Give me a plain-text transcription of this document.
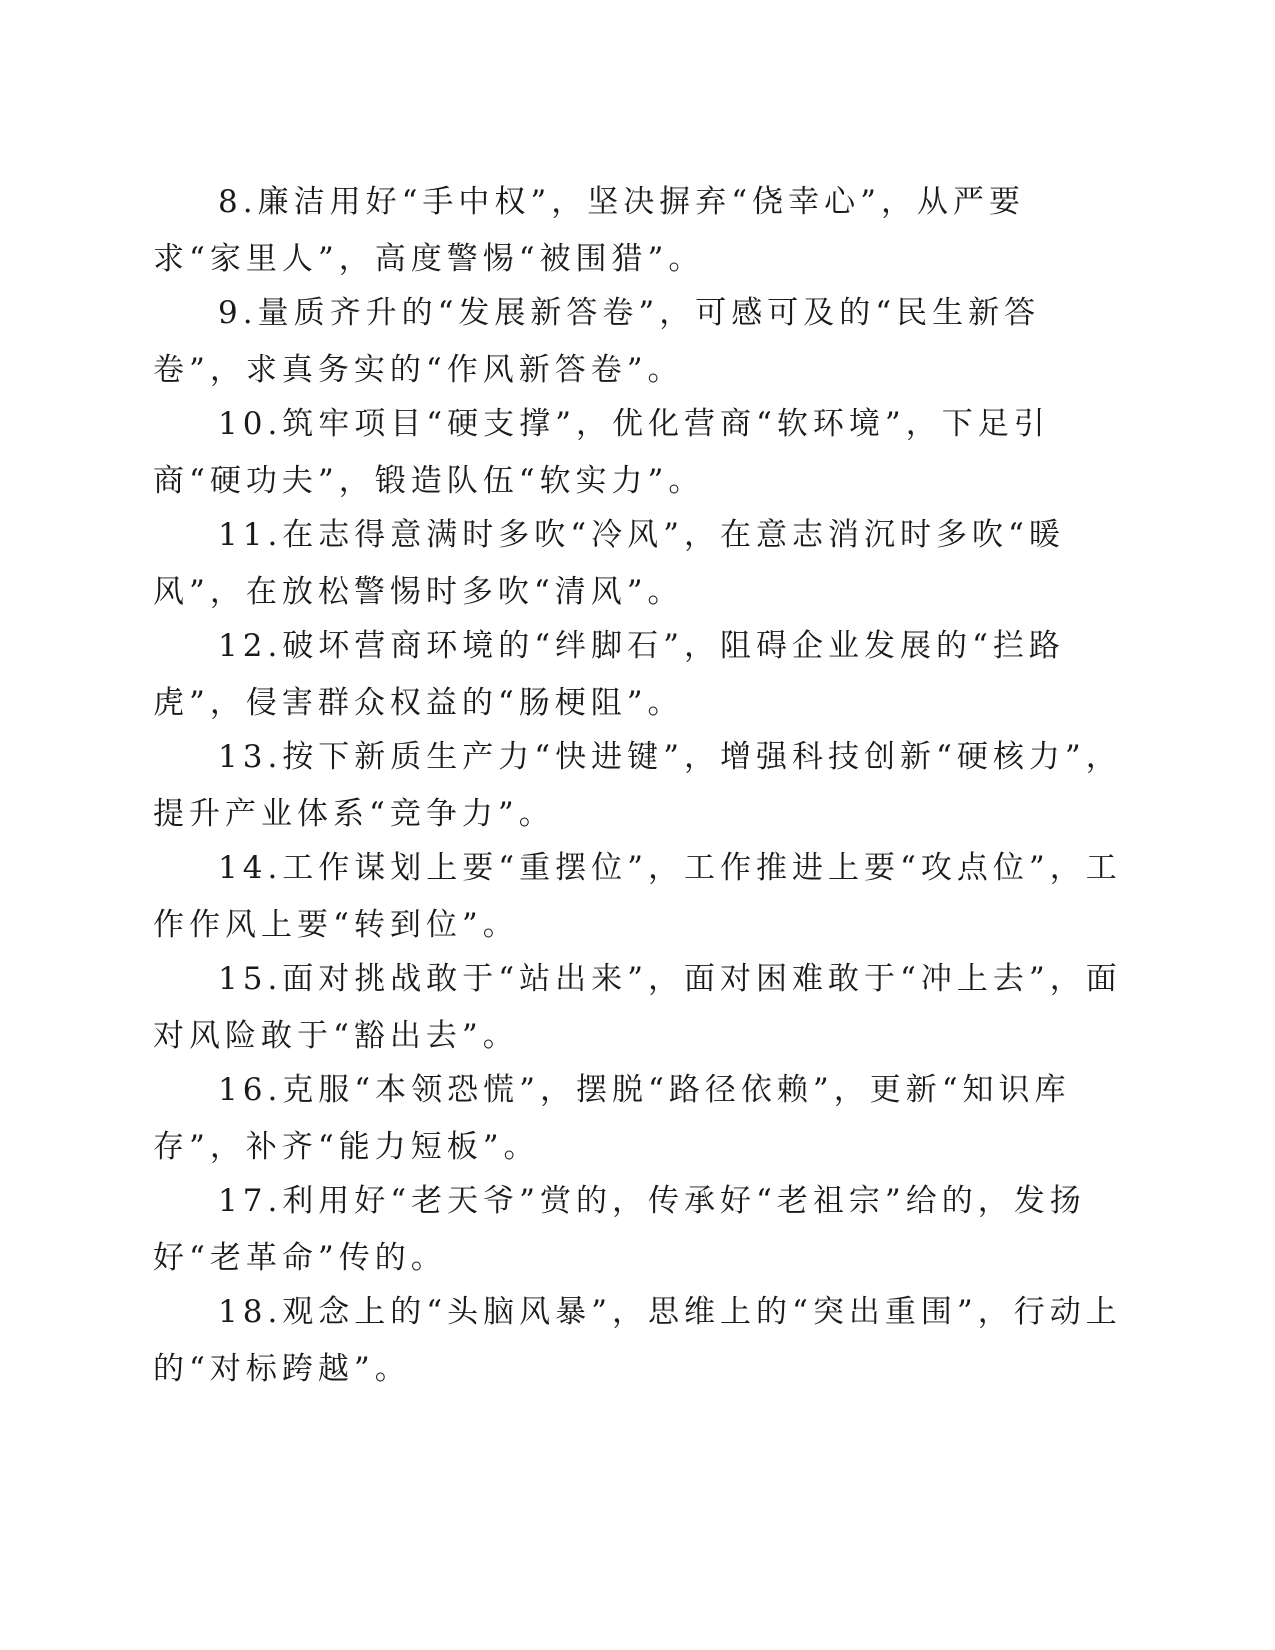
8.廉洁用好“手中权”，坚决摒弃“侥幸心”，从严要
求“家里人”，高度警惕“被围猎”。
9.量质齐升的“发展新答卷”，可感可及的“民生新答
卷”，求真务实的“作风新答卷”。
10.筑牢项目“硬支撑”，优化营商“软环境”，下足引
商“硬功夫”，锻造队伍“软实力”。
11.在志得意满时多吹“冷风”，在意志消沉时多吹“暖
风”，在放松警惕时多吹“清风”。
12.破坏营商环境的“绊脚石”，阻碍企业发展的“拦路
虎”，侵害群众权益的“肠梗阻”。
13.按下新质生产力“快进键”，增强科技创新“硬核力”，
提升产业体系“竞争力”。
14.工作谋划上要“重摆位”，工作推进上要“攻点位”，工
作作风上要“转到位”。
15.面对挑战敢于“站出来”，面对困难敢于“冲上去”，面
对风险敢于“豁出去”。
16.克服“本领恐慌”，摆脱“路径依赖”，更新“知识库
存”，补齐“能力短板”。
17.利用好“老天爷”赏的，传承好“老祖宗”给的，发扬
好“老革命”传的。
18.观念上的“头脑风暴”，思维上的“突出重围”，行动上
的“对标跨越”。
